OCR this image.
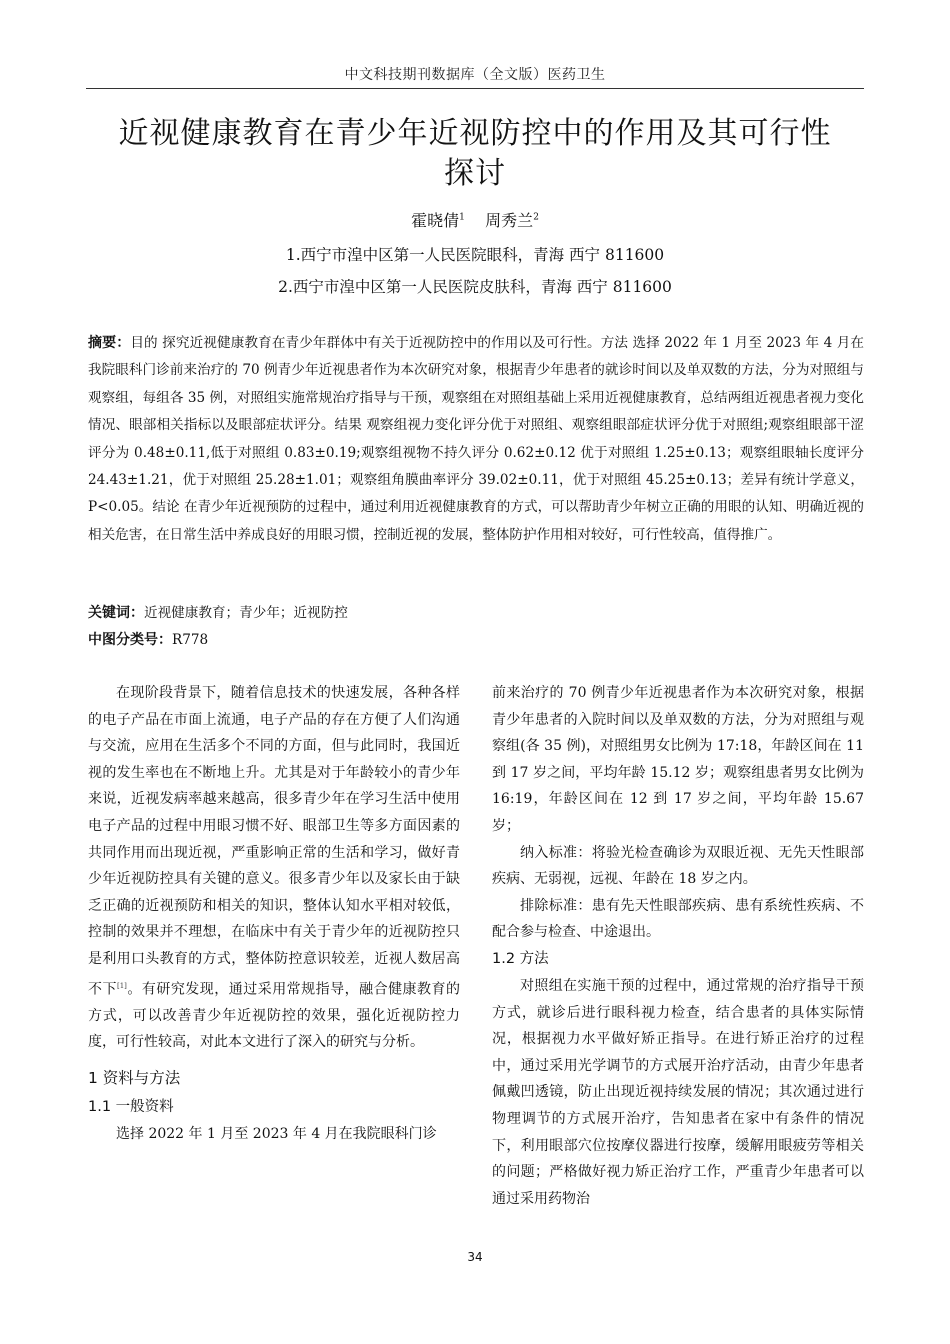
中文科技期刊数据库（全文版）医药卫生
近视健康教育在青少年近视防控中的作用及其可行性
探讨
霍晓倩$^1$ 周秀兰$^2$
1.西宁市湟中区第一人民医院眼科，青海 西宁 811600
2.西宁市湟中区第一人民医院皮肤科，青海 西宁 811600
摘要：目的 探究近视健康教育在青少年群体中有关于近视防控中的作用以及可行性。方法 选择 2022 年 1 月至 2023 年 4 月在我院眼科门诊前来治疗的 70 例青少年近视患者作为本次研究对象，根据青少年患者的就诊时间以及单双数的方法，分为对照组与观察组，每组各 35 例，对照组实施常规治疗指导与干预，观察组在对照组基础上采用近视健康教育，总结两组近视患者视力变化情况、眼部相关指标以及眼部症状评分。结果 观察组视力变化评分优于对照组、观察组眼部症状评分优于对照组;观察组眼部干涩评分为 0.48±0.11,低于对照组 0.83±0.19;观察组视物不持久评分 0.62±0.12 优于对照组 1.25±0.13；观察组眼轴长度评分 24.43±1.21，优于对照组 25.28±1.01；观察组角膜曲率评分 39.02±0.11，优于对照组 45.25±0.13；差异有统计学意义，P<0.05。结论 在青少年近视预防的过程中，通过利用近视健康教育的方式，可以帮助青少年树立正确的用眼的认知、明确近视的相关危害，在日常生活中养成良好的用眼习惯，控制近视的发展，整体防护作用相对较好，可行性较高，值得推广。
关键词：近视健康教育；青少年；近视防控
中图分类号：R778

在现阶段背景下，随着信息技术的快速发展，各种各样的电子产品在市面上流通，电子产品的存在方便了人们沟通与交流，应用在生活多个不同的方面，但与此同时，我国近视的发生率也在不断地上升。尤其是对于年龄较小的青少年来说，近视发病率越来越高，很多青少年在学习生活中使用电子产品的过程中用眼习惯不好、眼部卫生等多方面因素的共同作用而出现近视，严重影响正常的生活和学习，做好青少年近视防控具有关键的意义。很多青少年以及家长由于缺乏正确的近视预防和相关的知识，整体认知水平相对较低，控制的效果并不理想，在临床中有关于青少年的近视防控只是利用口头教育的方式，整体防控意识较差，近视人数居高不下[1]。有研究发现，通过采用常规指导，融合健康教育的方式，可以改善青少年近视防控的效果，强化近视防控力度，可行性较高，对此本文进行了深入的研究与分析。

1 资料与方法
1.1 一般资料

选择 2022 年 1 月至 2023 年 4 月在我院眼科门诊

前来治疗的 70 例青少年近视患者作为本次研究对象，根据青少年患者的入院时间以及单双数的方法，分为对照组与观察组(各 35 例)，对照组男女比例为 17:18，年龄区间在 11 到 17 岁之间，平均年龄 15.12 岁；观察组患者男女比例为 16:19，年龄区间在 12 到 17 岁之间，平均年龄 15.67 岁；

纳入标准：将验光检查确诊为双眼近视、无先天性眼部疾病、无弱视，远视、年龄在 18 岁之内。

排除标准：患有先天性眼部疾病、患有系统性疾病、不配合参与检查、中途退出。

1.2 方法

对照组在实施干预的过程中，通过常规的治疗指导干预方式，就诊后进行眼科视力检查，结合患者的具体实际情况，根据视力水平做好矫正指导。在进行矫正治疗的过程中，通过采用光学调节的方式展开治疗活动，由青少年患者佩戴凹透镜，防止出现近视持续发展的情况；其次通过进行物理调节的方式展开治疗，告知患者在家中有条件的情况下，利用眼部穴位按摩仪器进行按摩，缓解用眼疲劳等相关的问题；严格做好视力矫正治疗工作，严重青少年患者可以通过采用药物治

34
